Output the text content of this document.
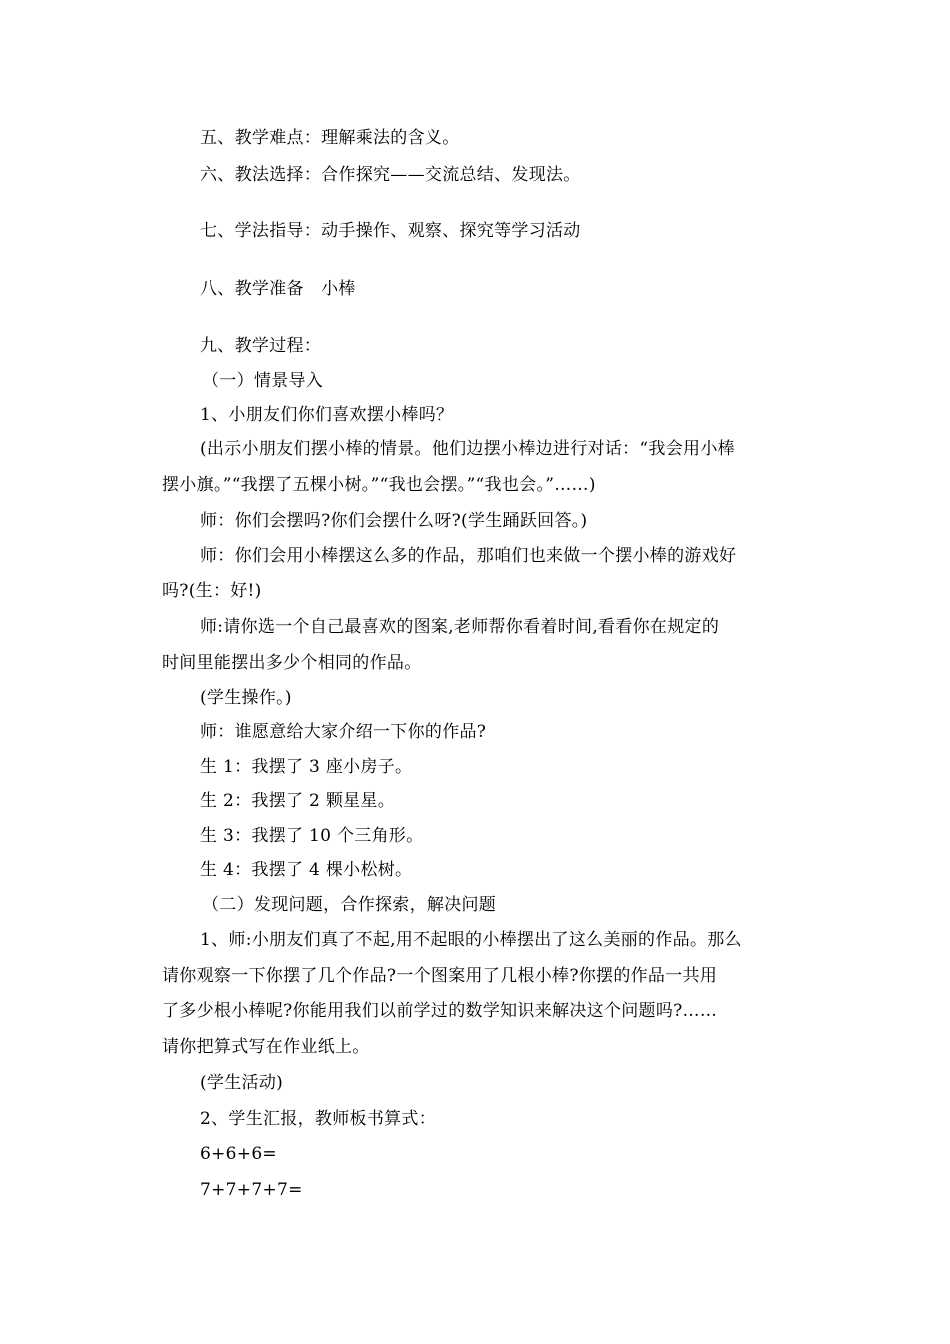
五、教学难点：理解乘法的含义。
六、教法选择：合作探究——交流总结、发现法。
七、学法指导：动手操作、观察、探究等学习活动
八、教学准备　小棒
九、教学过程：
（一）情景导入
1、小朋友们你们喜欢摆小棒吗？
(出示小朋友们摆小棒的情景。他们边摆小棒边进行对话：“我会用小棒
摆小旗。”“我摆了五棵小树。”“我也会摆。”“我也会。”……)
师：你们会摆吗?你们会摆什么呀?(学生踊跃回答。)
师：你们会用小棒摆这么多的作品，那咱们也来做一个摆小棒的游戏好
吗?(生：好!)
师:请你选一个自己最喜欢的图案,老师帮你看着时间,看看你在规定的
时间里能摆出多少个相同的作品。
(学生操作。)
师：谁愿意给大家介绍一下你的作品?
生 1：我摆了 3 座小房子。
生 2：我摆了 2 颗星星。
生 3：我摆了 10 个三角形。
生 4：我摆了 4 棵小松树。
（二）发现问题，合作探索，解决问题
1、师:小朋友们真了不起,用不起眼的小棒摆出了这么美丽的作品。那么
请你观察一下你摆了几个作品?一个图案用了几根小棒?你摆的作品一共用
了多少根小棒呢?你能用我们以前学过的数学知识来解决这个问题吗?……
请你把算式写在作业纸上。
(学生活动)
2、学生汇报，教师板书算式：
6+6+6=
7+7+7+7=
